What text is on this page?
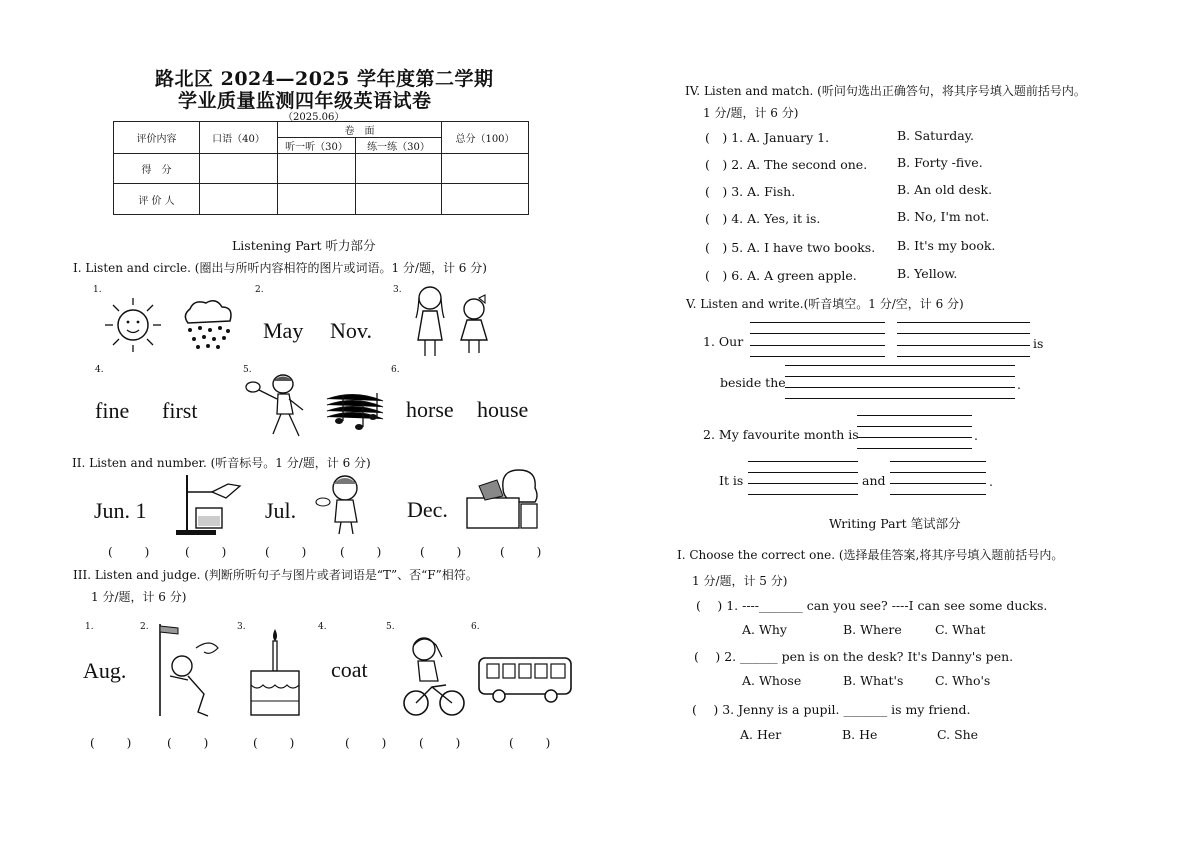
路北区 2024—2025 学年度第二学期
学业质量监测四年级英语试卷
（2025.06）
评价内容	口语（40）	卷　面		总分（100）
		听一听（30）	练一练（30）	
得　分				
评 价 人				
Listening Part 听力部分
I. Listen and circle. (圈出与所听内容相符的图片或词语。1 分/题，计 6 分)
1.	2.	3.
May Nov.
4.	5.	6.
fine first	horse house
II. Listen and number. (听音标号。1 分/题，计 6 分)
Jun. 1	Jul.	Dec.
(　) (　) (　) (　) (　) (　)
III. Listen and judge. (判断所听句子与图片或者词语是“T”、否“F”相符。
1 分/题，计 6 分)
1.	2.	3.	4.	5.	6.
Aug.	coat
(　) (　)	(　)	(　) (　)	(　)
IV. Listen and match. (听问句选出正确答句，将其序号填入题前括号内。
1 分/题，计 6 分)
(　) 1. A. January 1.	B. Saturday.
(　) 2. A. The second one. B. Forty -five.
(　) 3. A. Fish.	B. An old desk.
(　) 4. A. Yes, it is.	B. No, I'm not.
(　) 5. A. I have two books. B. It's my book.
(　) 6. A. A green apple.	B. Yellow.
V. Listen and write.(听音填空。1 分/空，计 6 分)
1. Our	is
beside the	.
2. My favourite month is	.
It is	and	.
Writing Part 笔试部分
I. Choose the correct one. (选择最佳答案,将其序号填入题前括号内。
1 分/题，计 5 分)
(　 ) 1. ----_______ can you see? ----I can see some ducks.
A. Why	B. Where	C. What
(　 ) 2. ______ pen is on the desk? It's Danny's pen.
A. Whose	B. What's	C. Who's
(　 ) 3. Jenny is a pupil. _______ is my friend.
A. Her	B. He	C. She
